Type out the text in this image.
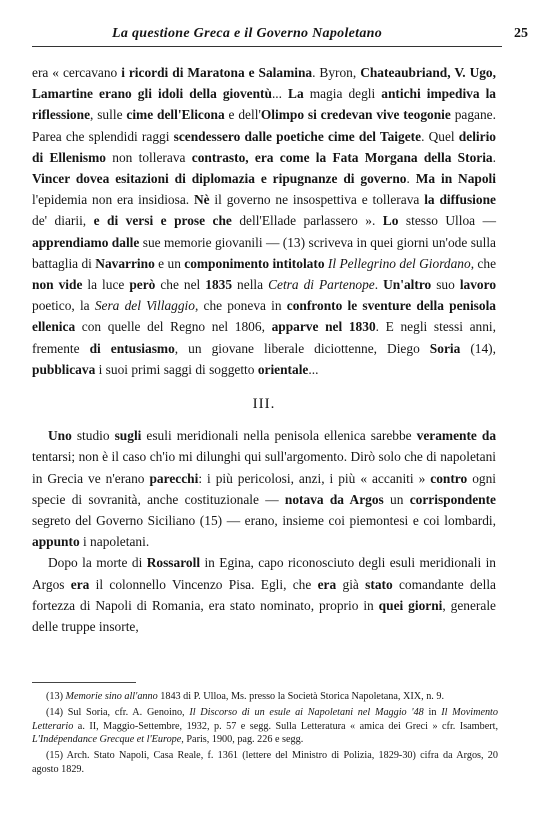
La questione Greca e il Governo Napoletano	25

era « cercavano i ricordi di Maratona e Salamina. Byron, Chateaubriand, V. Ugo, Lamartine erano gli idoli della gioventù... La magia degli antichi impediva la riflessione, sulle cime dell'Elicona e dell'Olimpo si credevan vive teogonie pagane. Parea che splendidi raggi scendessero dalle poetiche cime del Taigete. Quel delirio di Ellenismo non tollerava contrasto, era come la Fata Morgana della Storia. Vincer dovea esitazioni di diplomazia e ripugnanze di governo. Ma in Napoli l'epidemia non era insidiosa. Nè il governo ne insospettiva e tollerava la diffusione de' diarii, e di versi e prose che dell'Ellade parlassero ». Lo stesso Ulloa — apprendiamo dalle sue memorie giovanili — (13) scriveva in quei giorni un'ode sulla battaglia di Navarrino e un componimento intitolato Il Pellegrino del Giordano, che non vide la luce però che nel 1835 nella Cetra di Partenope. Un'altro suo lavoro poetico, la Sera del Villaggio, che poneva in confronto le sventure della penisola ellenica con quelle del Regno nel 1806, apparve nel 1830. E negli stessi anni, fremente di entusiasmo, un giovane liberale diciottenne, Diego Soria (14), pubblicava i suoi primi saggi di soggetto orientale...

III.

Uno studio sugli esuli meridionali nella penisola ellenica sarebbe veramente da tentarsi; non è il caso ch'io mi dilunghi qui sull'argomento. Dirò solo che di napoletani in Grecia ve n'erano parecchi: i più pericolosi, anzi, i più « accaniti » contro ogni specie di sovranità, anche costituzionale — notava da Argos un corrispondente segreto del Governo Siciliano (15) — erano, insieme coi piemontesi e coi lombardi, appunto i napoletani.

Dopo la morte di Rossaroll in Egina, capo riconosciuto degli esuli meridionali in Argos era il colonnello Vincenzo Pisa. Egli, che era già stato comandante della fortezza di Napoli di Romania, era stato nominato, proprio in quei giorni, generale delle truppe insorte,

(13) Memorie sino all'anno 1843 di P. Ulloa, Ms. presso la Società Storica Napoletana, XIX, n. 9.

(14) Sul Soria, cfr. A. Genoino, Il Discorso di un esule ai Napoletani nel Maggio '48 in Il Movimento Letterario a. II, Maggio-Settembre, 1932, p. 57 e segg. Sulla Letteratura « amica dei Greci » cfr. Isambert, L'Indépendance Grecque et l'Europe, Paris, 1900, pag. 226 e segg.

(15) Arch. Stato Napoli, Casa Reale, f. 1361 (lettere del Ministro di Polizia, 1829-30) cifra da Argos, 20 agosto 1829.
